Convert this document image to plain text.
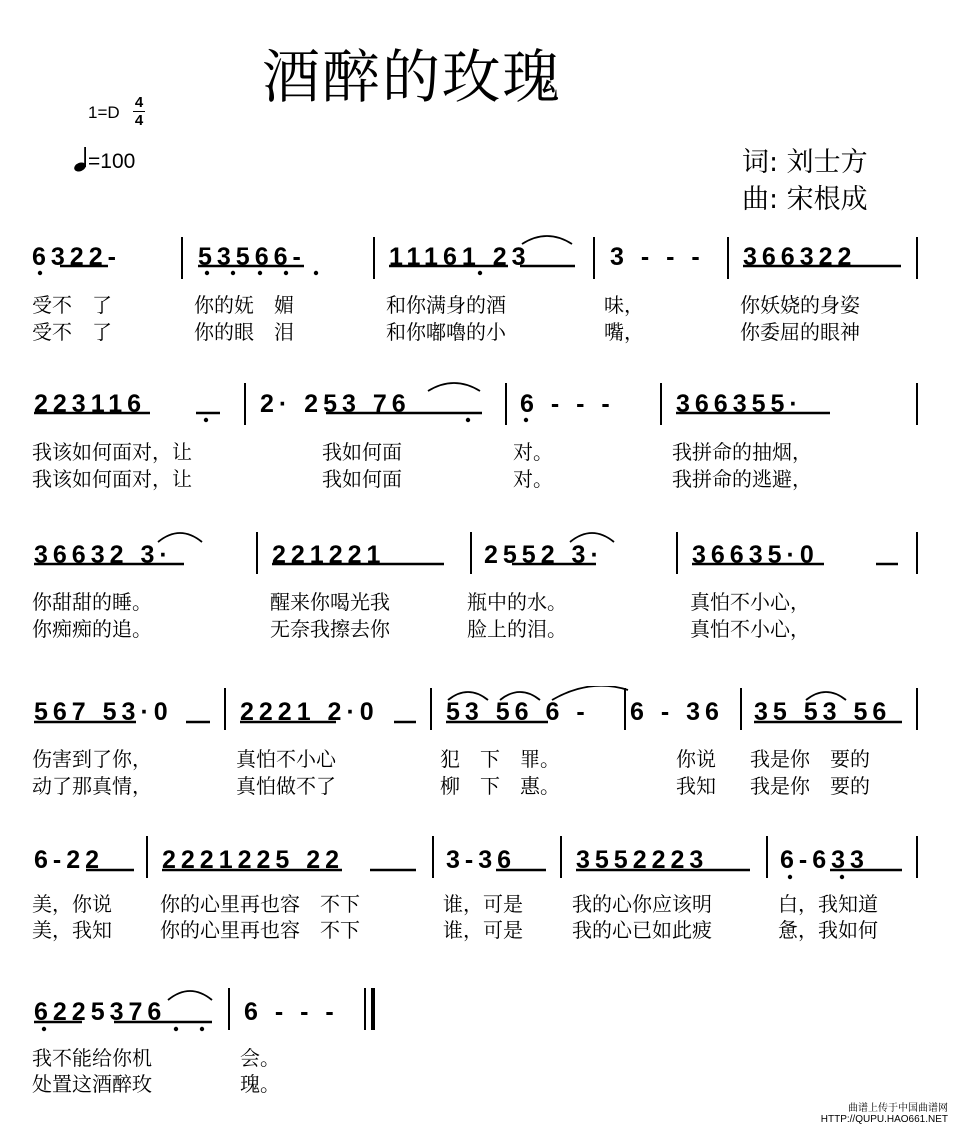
酒醉的玫瑰
1=D
4
4
=100	词: 刘士方
曲: 宋根成
6322-	53566-	11161 23	3 - - - 366322
受不　了	你的妩　媚	和你满身的酒	味，	你妖娆的身姿
受不　了	你的眼　泪	和你嘟嚕的小	嘴，	你委屈的眼神
223116	2· 253 76	6 - - - 366355·
我该如何面对，让	我如何面	对。	我拼命的抽烟，
我该如何面对，让	我如何面	对。	我拼命的逃避，
36632 3·	221221	2552 3·	36635·0
你甜甜的睡。	醒来你喝光我	瓶中的水。	真怕不小心，
你痴痴的追。	无奈我擦去你	脸上的泪。	真怕不小心，
567 53·0	2221 2·0	53 56 6 - 6 - 36 35 53 56
伤害到了你，	真怕不小心	犯　下　罪。	你说 我是你　要的
动了那真情，	真怕做不了	柳　下　惠。	我知 我是你　要的
6-22 2221225 22	3-36 3552223	6-633
美，你说 你的心里再也容　不下	谁，可是 我的心你应该明	白，我知道
美，我知 你的心里再也容　不下	谁，可是 我的心已如此疲	惫，我如何
6225376	6 - - -
我不能给你机	会。
处置这酒醉玫	瑰。
曲谱上传于中国曲谱网
HTTP://QUPU.HAO661.NET
